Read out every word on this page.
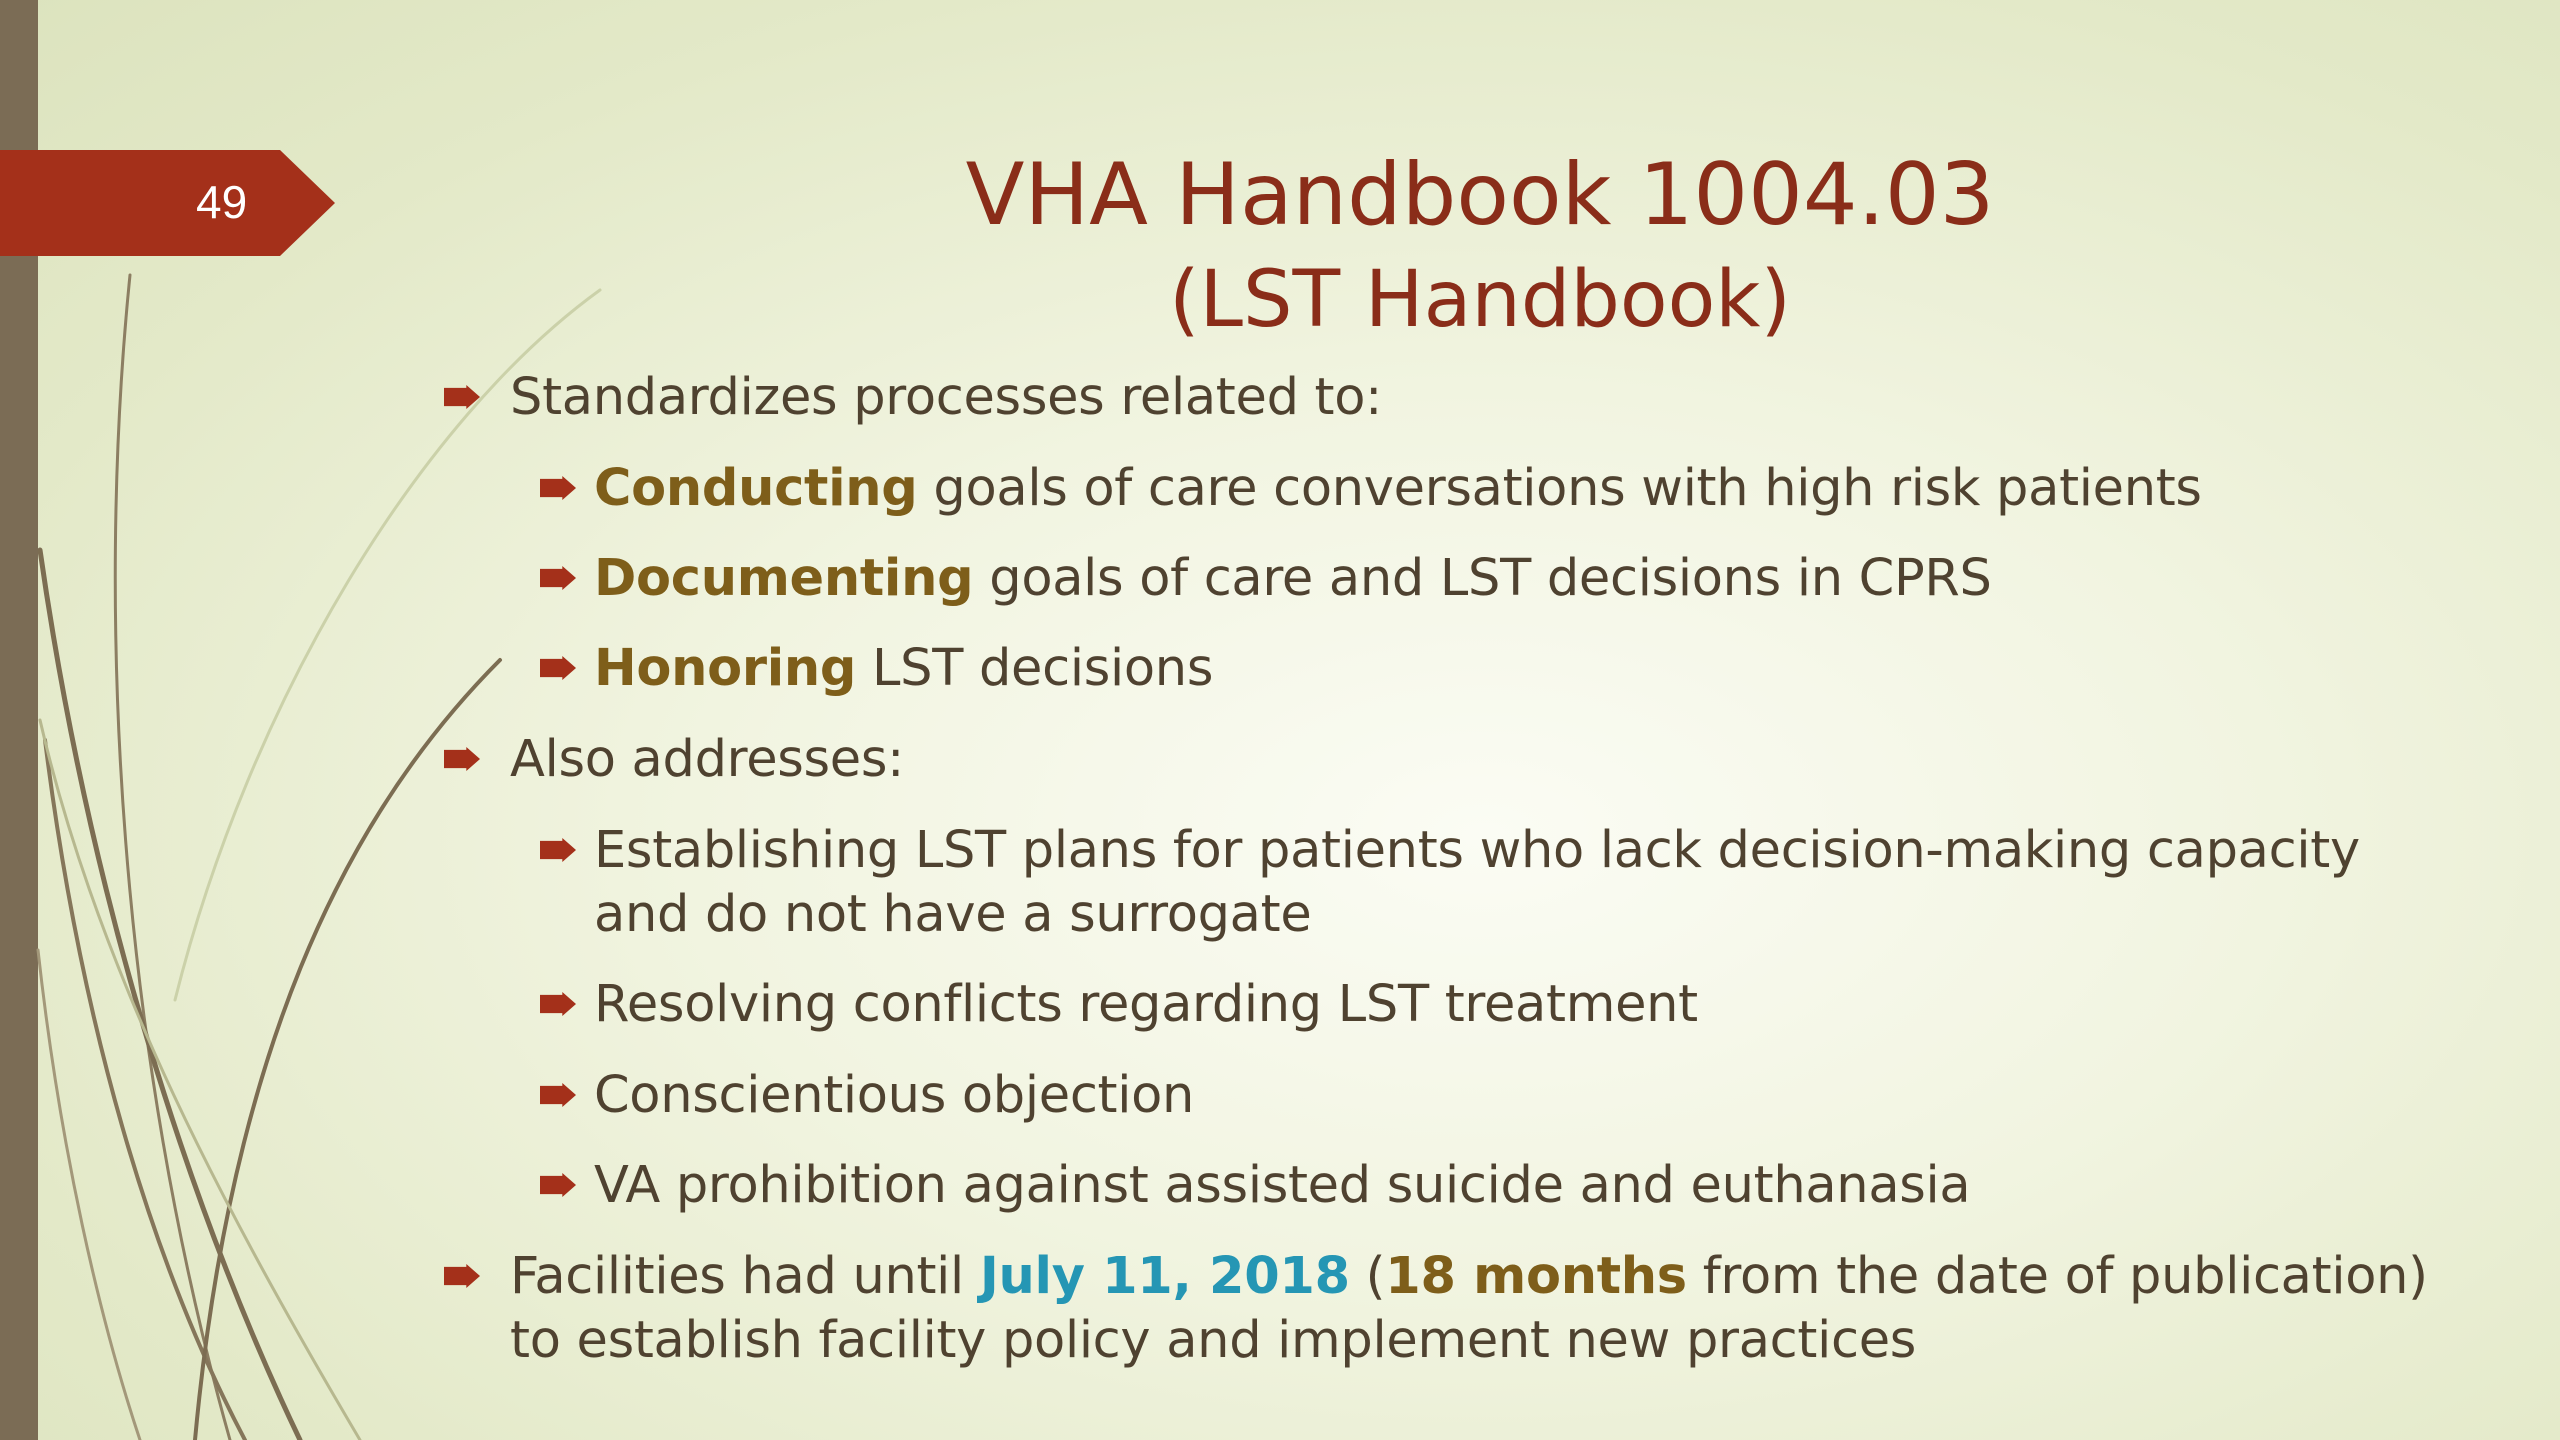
49	VHA Handbook 1004.03
(LST Handbook)
Standardizes processes related to:
Conducting goals of care conversations with high risk patients
Documenting goals of care and LST decisions in CPRS
Honoring LST decisions
Also addresses:
Establishing LST plans for patients who lack decision-making capacity
and do not have a surrogate
Resolving conflicts regarding LST treatment
Conscientious objection
VA prohibition against assisted suicide and euthanasia
Facilities had until July 11, 2018 (18 months from the date of publication)
to establish facility policy and implement new practices
